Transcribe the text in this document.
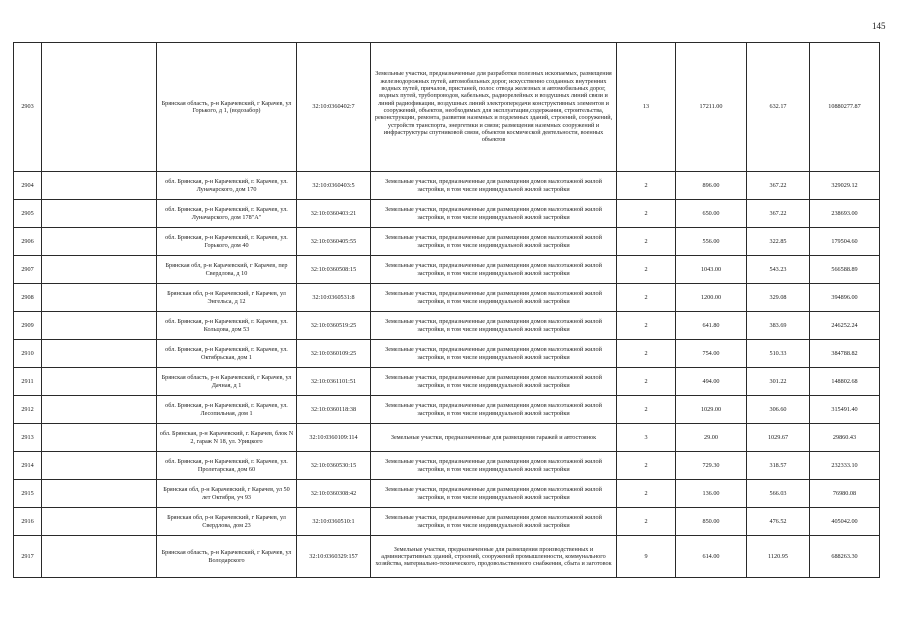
145
2903		Брянская область, р-н Карачевский, г Карачев, ул Горького, д 1, (водозабор)	32:10:0360402:7	Земельные участки, предназначенные для разработки полезных ископаемых, размещения железнодорожных путей, автомобильных дорог, искусственно созданных внутренних водных путей, причалов, пристаней, полос отвода железных и автомобильных дорог, водных путей, трубопроводов, кабельных, радиорелейных и воздушных линий связи и линий радиофикации, воздушных линий электропередачи конструктивных элементов и сооружений, объектов, необходимых для эксплуатации,содержания, строительства, реконструкции, ремонта, развития наземных и подземных зданий, строений, сооружений, устройств транспорта, энергетики и связи; размещения наземных сооружений и инфраструктуры спутниковой связи, объектов космической деятельности, военных объектов	13	17211.00	632.17	10880277.87
2904		обл. Брянская, р-н Карачевский, г. Карачев, ул. Луначарского, дом 170	32:10:0360403:5	Земельные участки, предназначенные для размещения домов малоэтажной жилой застройки, в том числе индивидуальной жилой застройки	2	896.00	367.22	329029.12
2905		обл. Брянская, р-н Карачевский, г. Карачев, ул. Луначарского, дом 178"А"	32:10:0360403:21	Земельные участки, предназначенные для размещения домов малоэтажной жилой застройки, в том числе индивидуальной жилой застройки	2	650.00	367.22	238693.00
2906		обл. Брянская, р-н Карачевский, г. Карачев, ул. Горького, дом 40	32:10:0360405:55	Земельные участки, предназначенные для размещения домов малоэтажной жилой застройки, в том числе индивидуальной жилой застройки	2	556.00	322.85	179504.60
2907		Брянская обл, р-н Карачевский, г Карачев, пер Свердлова, д 10	32:10:0360508:15	Земельные участки, предназначенные для размещения домов малоэтажной жилой застройки, в том числе индивидуальной жилой застройки	2	1043.00	543.23	566588.89
2908		Брянская обл, р-н Карачевский, г Карачев, ул Энгельса, д 12	32:10:0360531:8	Земельные участки, предназначенные для размещения домов малоэтажной жилой застройки, в том числе индивидуальной жилой застройки	2	1200.00	329.08	394896.00
2909		обл. Брянская, р-н Карачевский, г. Карачев, ул. Кольцова, дом 53	32:10:0360519:25	Земельные участки, предназначенные для размещения домов малоэтажной жилой застройки, в том числе индивидуальной жилой застройки	2	641.80	383.69	246252.24
2910		обл. Брянская, р-н Карачевский, г. Карачев, ул. Октябрьская, дом 1	32:10:0360109:25	Земельные участки, предназначенные для размещения домов малоэтажной жилой застройки, в том числе индивидуальной жилой застройки	2	754.00	510.33	384788.82
2911		Брянская область, р-н Карачевский, г Карачев, ул Дачная, д 1	32:10:0361101:51	Земельные участки, предназначенные для размещения домов малоэтажной жилой застройки, в том числе индивидуальной жилой застройки	2	494.00	301.22	148802.68
2912		обл. Брянская, р-н Карачевский, г. Карачев, ул. Лесопильная, дом 1	32:10:0360118:38	Земельные участки, предназначенные для размещения домов малоэтажной жилой застройки, в том числе индивидуальной жилой застройки	2	1029.00	306.60	315491.40
2913		обл. Брянская, р-н Карачевский, г. Карачев, блок N 2, гараж N 18, ул. Урицкого	32:10:0360109:114	Земельные участки, предназначенные для размещения гаражей и автостоянок	3	29.00	1029.67	29860.43
2914		обл. Брянская, р-н Карачевский, г. Карачев, ул. Пролетарская, дом 60	32:10:0360530:15	Земельные участки, предназначенные для размещения домов малоэтажной жилой застройки, в том числе индивидуальной жилой застройки	2	729.30	318.57	232333.10
2915		Брянская обл, р-н Карачевский, г Карачев, ул 50 лет Октября, уч 93	32:10:0360308:42	Земельные участки, предназначенные для размещения домов малоэтажной жилой застройки, в том числе индивидуальной жилой застройки	2	136.00	566.03	76980.08
2916		Брянская обл, р-н Карачевский, г Карачев, ул Свердлова, дом 23	32:10:0360510:1	Земельные участки, предназначенные для размещения домов малоэтажной жилой застройки, в том числе индивидуальной жилой застройки	2	850.00	476.52	405042.00
2917		Брянская область, р-н Карачевский, г Карачев, ул Володарского	32:10:0360329:157	Земельные участки, предназначенные для размещения производственных и административных зданий, строений, сооружений промышленности, коммунального хозяйства, материально-технического, продовольственного снабжения, сбыта и заготовок	9	614.00	1120.95	688263.30
